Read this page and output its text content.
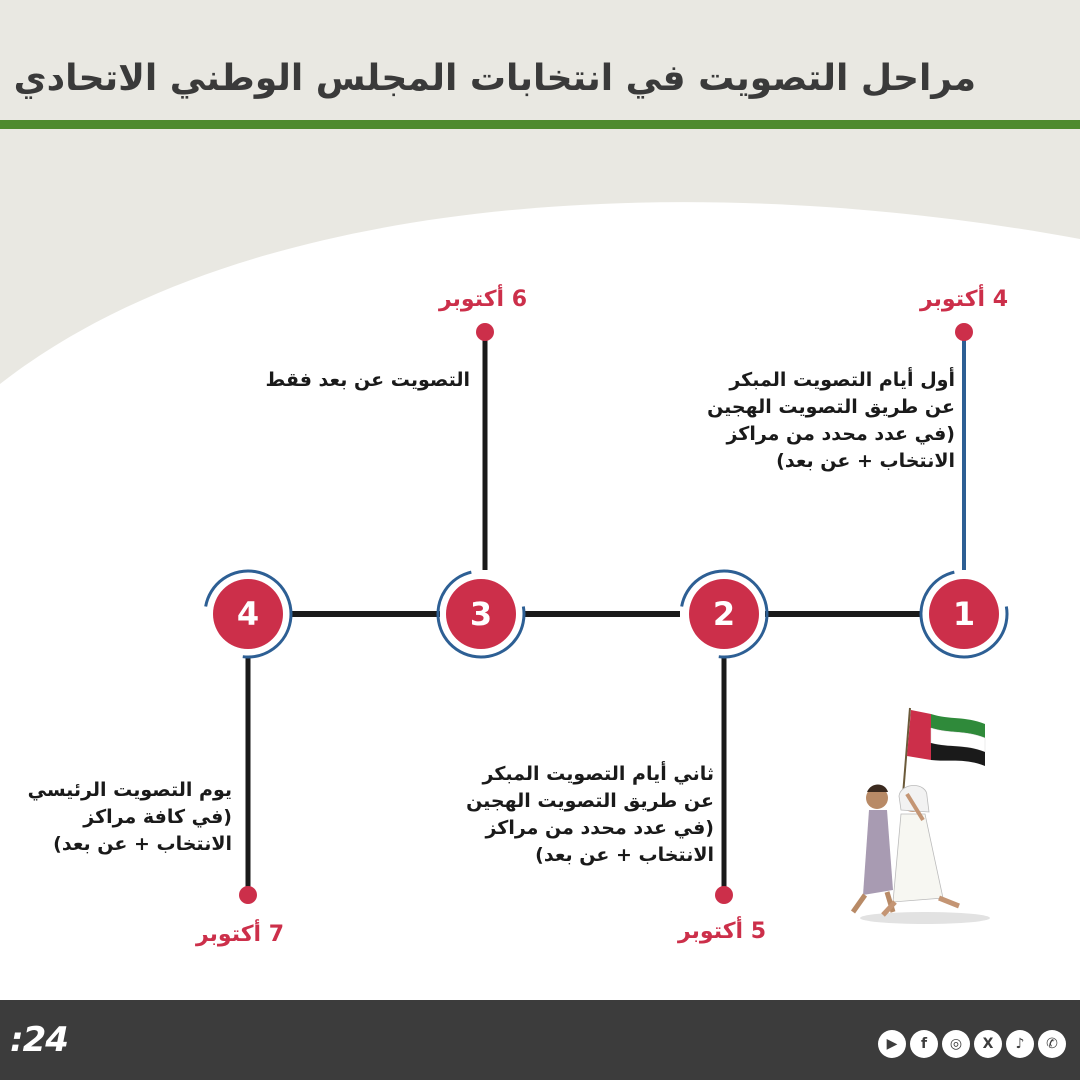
مراحل التصويت في انتخابات المجلس الوطني الاتحادي
1
2
3
4
4 أكتوبر
6 أكتوبر
5 أكتوبر
7 أكتوبر
أول أيام التصويت المبكر
عن طريق التصويت الهجين
(في عدد محدد من مراكز
الانتخاب + عن بعد)
التصويت عن بعد فقط
ثاني أيام التصويت المبكر
عن طريق التصويت الهجين
(في عدد محدد من مراكز
الانتخاب + عن بعد)
يوم التصويت الرئيسي
(في كافة مراكز
الانتخاب + عن بعد)
:24	▶	f	◎	X	♪	✆
